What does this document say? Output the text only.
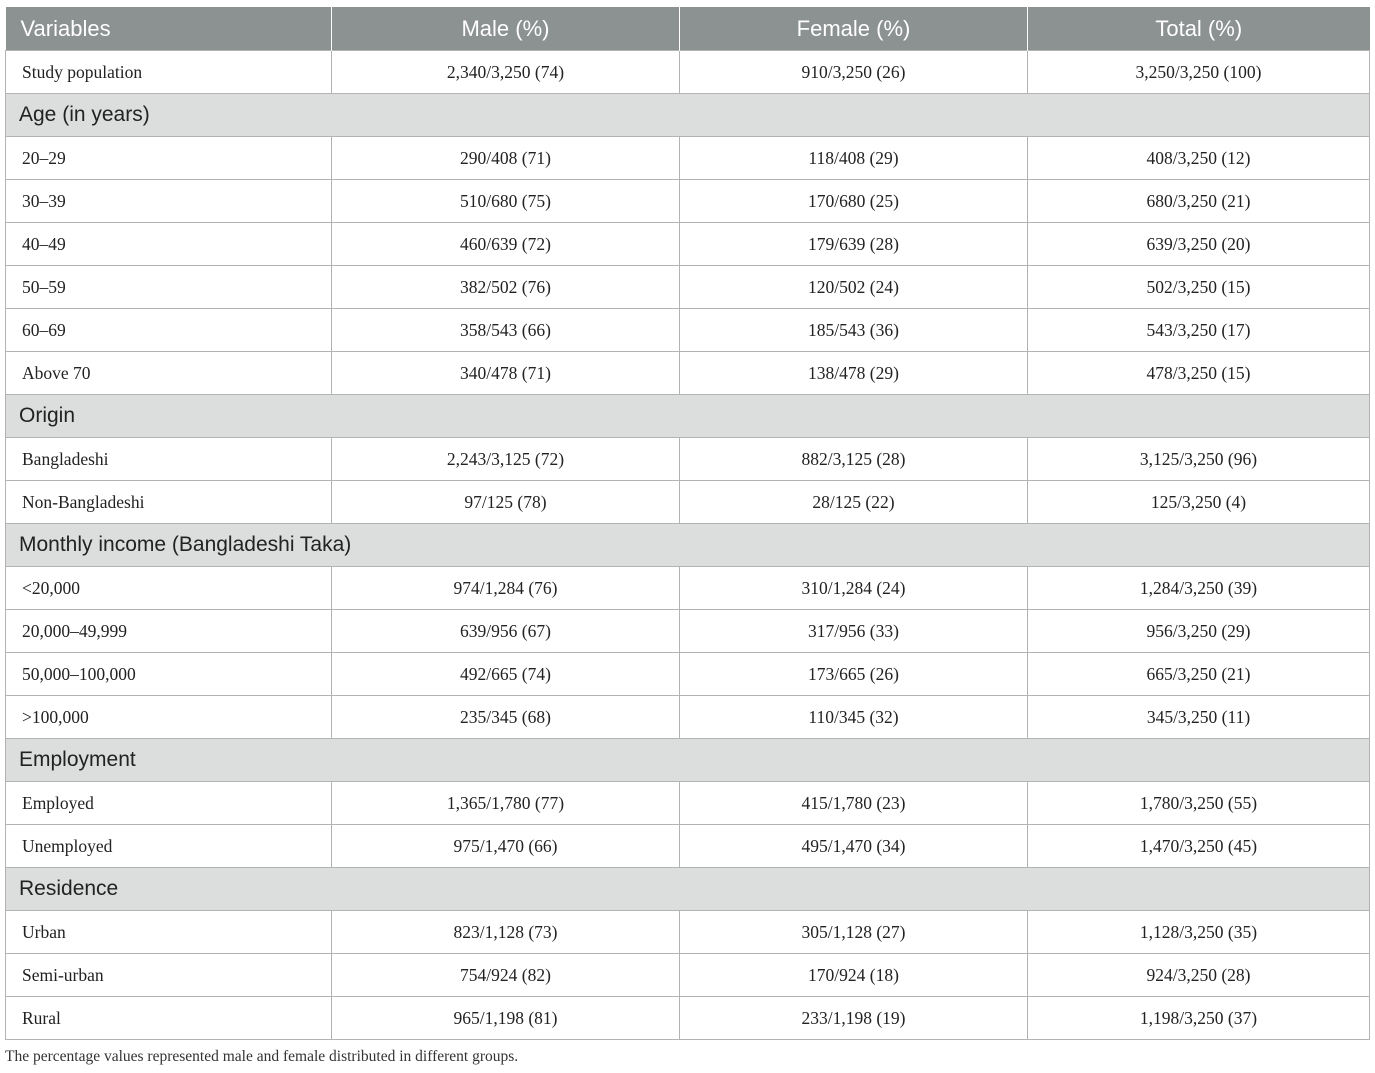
Variables	Male (%)	Female (%)	Total (%)
Study population	2,340/3,250 (74)	910/3,250 (26)	3,250/3,250 (100)
Age (in years)			
20–29	290/408 (71)	118/408 (29)	408/3,250 (12)
30–39	510/680 (75)	170/680 (25)	680/3,250 (21)
40–49	460/639 (72)	179/639 (28)	639/3,250 (20)
50–59	382/502 (76)	120/502 (24)	502/3,250 (15)
60–69	358/543 (66)	185/543 (36)	543/3,250 (17)
Above 70	340/478 (71)	138/478 (29)	478/3,250 (15)
Origin			
Bangladeshi	2,243/3,125 (72)	882/3,125 (28)	3,125/3,250 (96)
Non-Bangladeshi	97/125 (78)	28/125 (22)	125/3,250 (4)
Monthly income (Bangladeshi Taka)			
<20,000	974/1,284 (76)	310/1,284 (24)	1,284/3,250 (39)
20,000–49,999	639/956 (67)	317/956 (33)	956/3,250 (29)
50,000–100,000	492/665 (74)	173/665 (26)	665/3,250 (21)
>100,000	235/345 (68)	110/345 (32)	345/3,250 (11)
Employment			
Employed	1,365/1,780 (77)	415/1,780 (23)	1,780/3,250 (55)
Unemployed	975/1,470 (66)	495/1,470 (34)	1,470/3,250 (45)
Residence			
Urban	823/1,128 (73)	305/1,128 (27)	1,128/3,250 (35)
Semi-urban	754/924 (82)	170/924 (18)	924/3,250 (28)
Rural	965/1,198 (81)	233/1,198 (19)	1,198/3,250 (37)
The percentage values represented male and female distributed in different groups.
